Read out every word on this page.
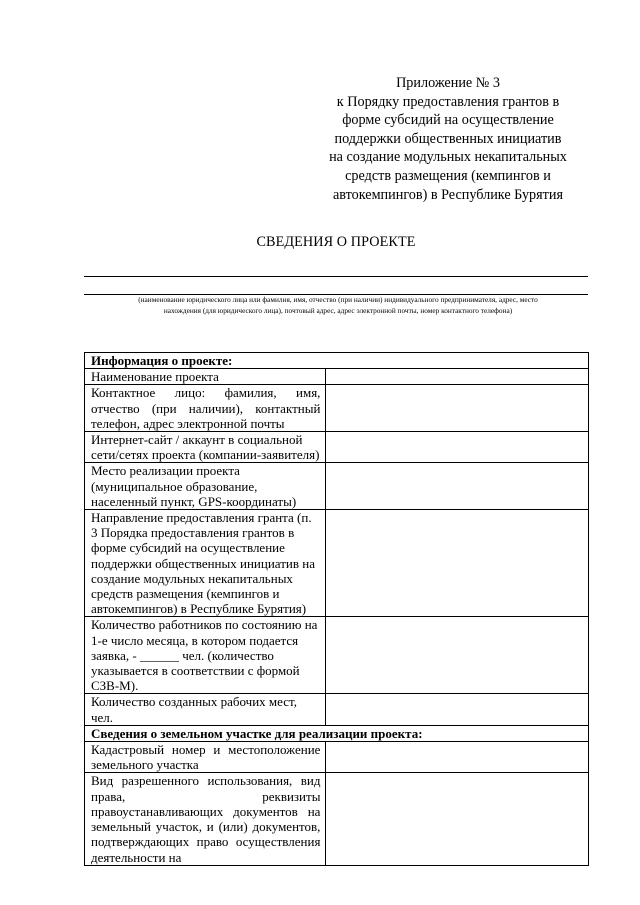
Приложение № 3
к Порядку предоставления грантов в
форме субсидий на осуществление
поддержки общественных инициатив
на создание модульных некапитальных
средств размещения (кемпингов и
автокемпингов) в Республике Бурятия
СВЕДЕНИЯ О ПРОЕКТЕ
(наименование юридического лица или фамилия, имя, отчество (при наличии) индивидуального предпринимателя, адрес, место
нахождения (для юридического лица), почтовый адрес, адрес электронной почты, номер контактного телефона)
Информация о проекте:	
Наименование проекта	
Контактное лицо: фамилия, имя, отчество (при наличии), контактный телефон, адрес электронной почты	
Интернет-сайт / аккаунт в социальной сети/сетях проекта (компании-заявителя)	
Место реализации проекта (муниципальное образование, населенный пункт, GPS-координаты)	
Направление предоставления гранта (п. 3 Порядка предоставления грантов в форме субсидий на осуществление поддержки общественных инициатив на создание модульных некапитальных средств размещения (кемпингов и автокемпингов) в Республике Бурятия)	
Количество работников по состоянию на 1-е число месяца, в котором подается заявка, - ______ чел. (количество указывается в соответствии с формой СЗВ-М).	
Количество созданных рабочих мест, чел.	
Сведения о земельном участке для реализации проекта:	
Кадастровый номер и местоположение земельного участка	
Вид разрешенного использования, вид права, реквизиты правоустанавливающих документов на земельный участок, и (или) документов, подтверждающих право осуществления деятельности на	
